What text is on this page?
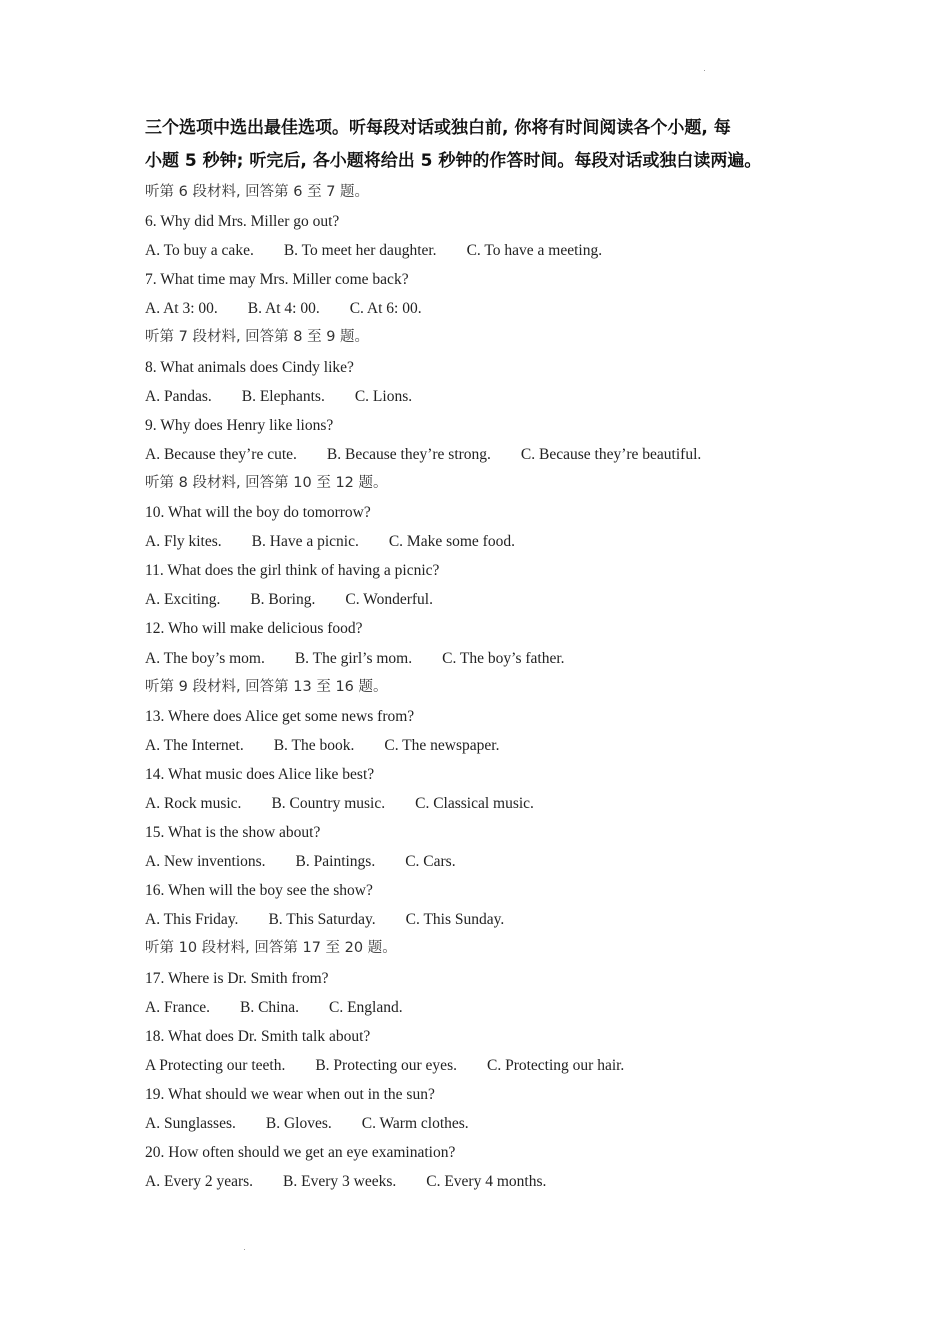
三个选项中选出最佳选项。听每段对话或独白前, 你将有时间阅读各个小题, 每

小题 5 秒钟; 听完后, 各小题将给出 5 秒钟的作答时间。每段对话或独白读两遍。

听第 6 段材料, 回答第 6 至 7 题。
6. Why did Mrs. Miller go out?
A. To buy a cake. B. To meet her daughter. C. To have a meeting.
7. What time may Mrs. Miller come back?
A. At 3: 00. B. At 4: 00. C. At 6: 00.
听第 7 段材料, 回答第 8 至 9 题。
8. What animals does Cindy like?
A. Pandas. B. Elephants. C. Lions.
9. Why does Henry like lions?
A. Because they’re cute. B. Because they’re strong. C. Because they’re beautiful.
听第 8 段材料, 回答第 10 至 12 题。
10. What will the boy do tomorrow?
A. Fly kites. B. Have a picnic. C. Make some food.
11. What does the girl think of having a picnic?
A. Exciting. B. Boring. C. Wonderful.
12. Who will make delicious food?
A. The boy’s mom. B. The girl’s mom. C. The boy’s father.
听第 9 段材料, 回答第 13 至 16 题。
13. Where does Alice get some news from?
A. The Internet. B. The book. C. The newspaper.
14. What music does Alice like best?
A. Rock music. B. Country music. C. Classical music.
15. What is the show about?
A. New inventions. B. Paintings. C. Cars.
16. When will the boy see the show?
A. This Friday. B. This Saturday. C. This Sunday.
听第 10 段材料, 回答第 17 至 20 题。
17. Where is Dr. Smith from?
A. France. B. China. C. England.
18. What does Dr. Smith talk about?
A Protecting our teeth. B. Protecting our eyes. C. Protecting our hair.
19. What should we wear when out in the sun?
A. Sunglasses. B. Gloves. C. Warm clothes.
20. How often should we get an eye examination?
A. Every 2 years. B. Every 3 weeks. C. Every 4 months.
